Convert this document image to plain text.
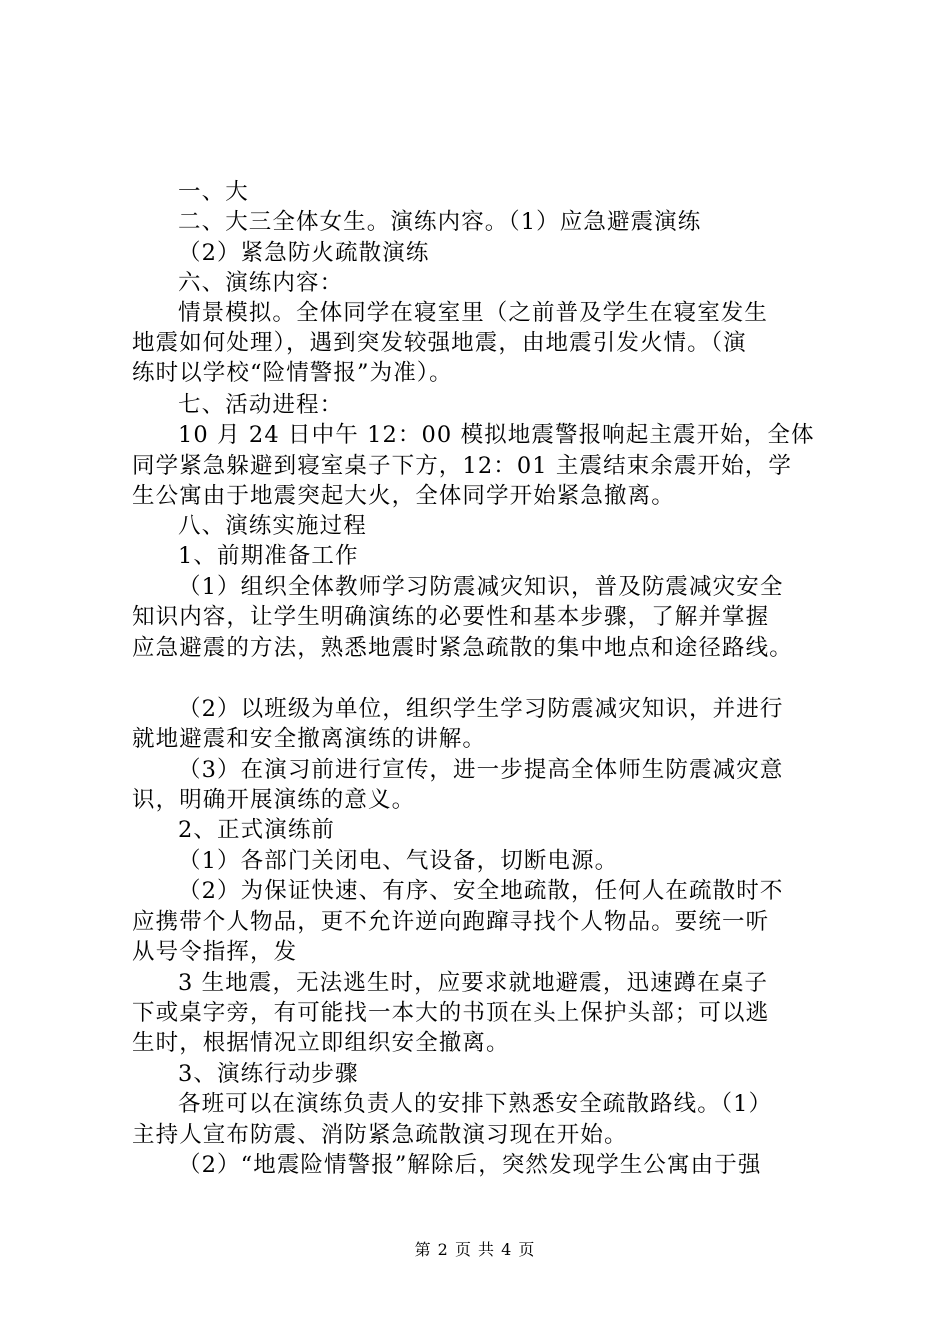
一、大
二、大三全体女生。演练内容。（1）应急避震演练
（2）紧急防火疏散演练
六、演练内容：
情景模拟。全体同学在寝室里（之前普及学生在寝室发生
地震如何处理），遇到突发较强地震，由地震引发火情。（演
练时以学校“险情警报”为准）。
七、活动进程：
10 月 24 日中午 12：00 模拟地震警报响起主震开始，全体
同学紧急躲避到寝室桌子下方，12：01 主震结束余震开始，学
生公寓由于地震突起大火，全体同学开始紧急撤离。
八、演练实施过程
1、前期准备工作
（1）组织全体教师学习防震减灾知识，普及防震减灾安全
知识内容，让学生明确演练的必要性和基本步骤，了解并掌握
应急避震的方法，熟悉地震时紧急疏散的集中地点和途径路线。
（2）以班级为单位，组织学生学习防震减灾知识，并进行
就地避震和安全撤离演练的讲解。
（3）在演习前进行宣传，进一步提高全体师生防震减灾意
识，明确开展演练的意义。
2、正式演练前
（1）各部门关闭电、气设备，切断电源。
（2）为保证快速、有序、安全地疏散，任何人在疏散时不
应携带个人物品，更不允许逆向跑蹿寻找个人物品。要统一听
从号令指挥，发
3 生地震，无法逃生时，应要求就地避震，迅速蹲在桌子
下或桌字旁，有可能找一本大的书顶在头上保护头部；可以逃
生时，根据情况立即组织安全撤离。
3、演练行动步骤
各班可以在演练负责人的安排下熟悉安全疏散路线。（1）
主持人宣布防震、消防紧急疏散演习现在开始。
（2）“地震险情警报”解除后，突然发现学生公寓由于强
第 2 页 共 4 页
